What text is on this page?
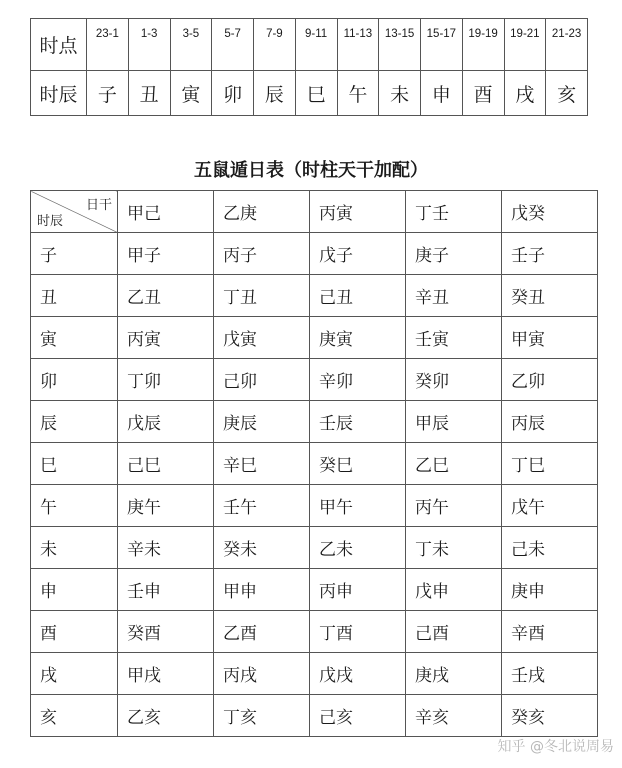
时点	23-1	1-3	3-5	5-7	7-9	9-11	11-13	13-15	15-17	19-19	19-21	21-23
时辰	子	丑	寅	卯	辰	巳	午	未	申	酉	戌	亥
五鼠遁日表（时柱天干加配）
日干
时辰	甲己	乙庚	丙寅	丁壬	戊癸
子	甲子	丙子	戊子	庚子	壬子
丑	乙丑	丁丑	己丑	辛丑	癸丑
寅	丙寅	戊寅	庚寅	壬寅	甲寅
卯	丁卯	己卯	辛卯	癸卯	乙卯
辰	戊辰	庚辰	壬辰	甲辰	丙辰
巳	己巳	辛巳	癸巳	乙巳	丁巳
午	庚午	壬午	甲午	丙午	戊午
未	辛未	癸未	乙未	丁未	己未
申	壬申	甲申	丙申	戊申	庚申
酉	癸酉	乙酉	丁酉	己酉	辛酉
戌	甲戌	丙戌	戊戌	庚戌	壬戌
亥	乙亥	丁亥	己亥	辛亥	癸亥
知乎 @冬北说周易
